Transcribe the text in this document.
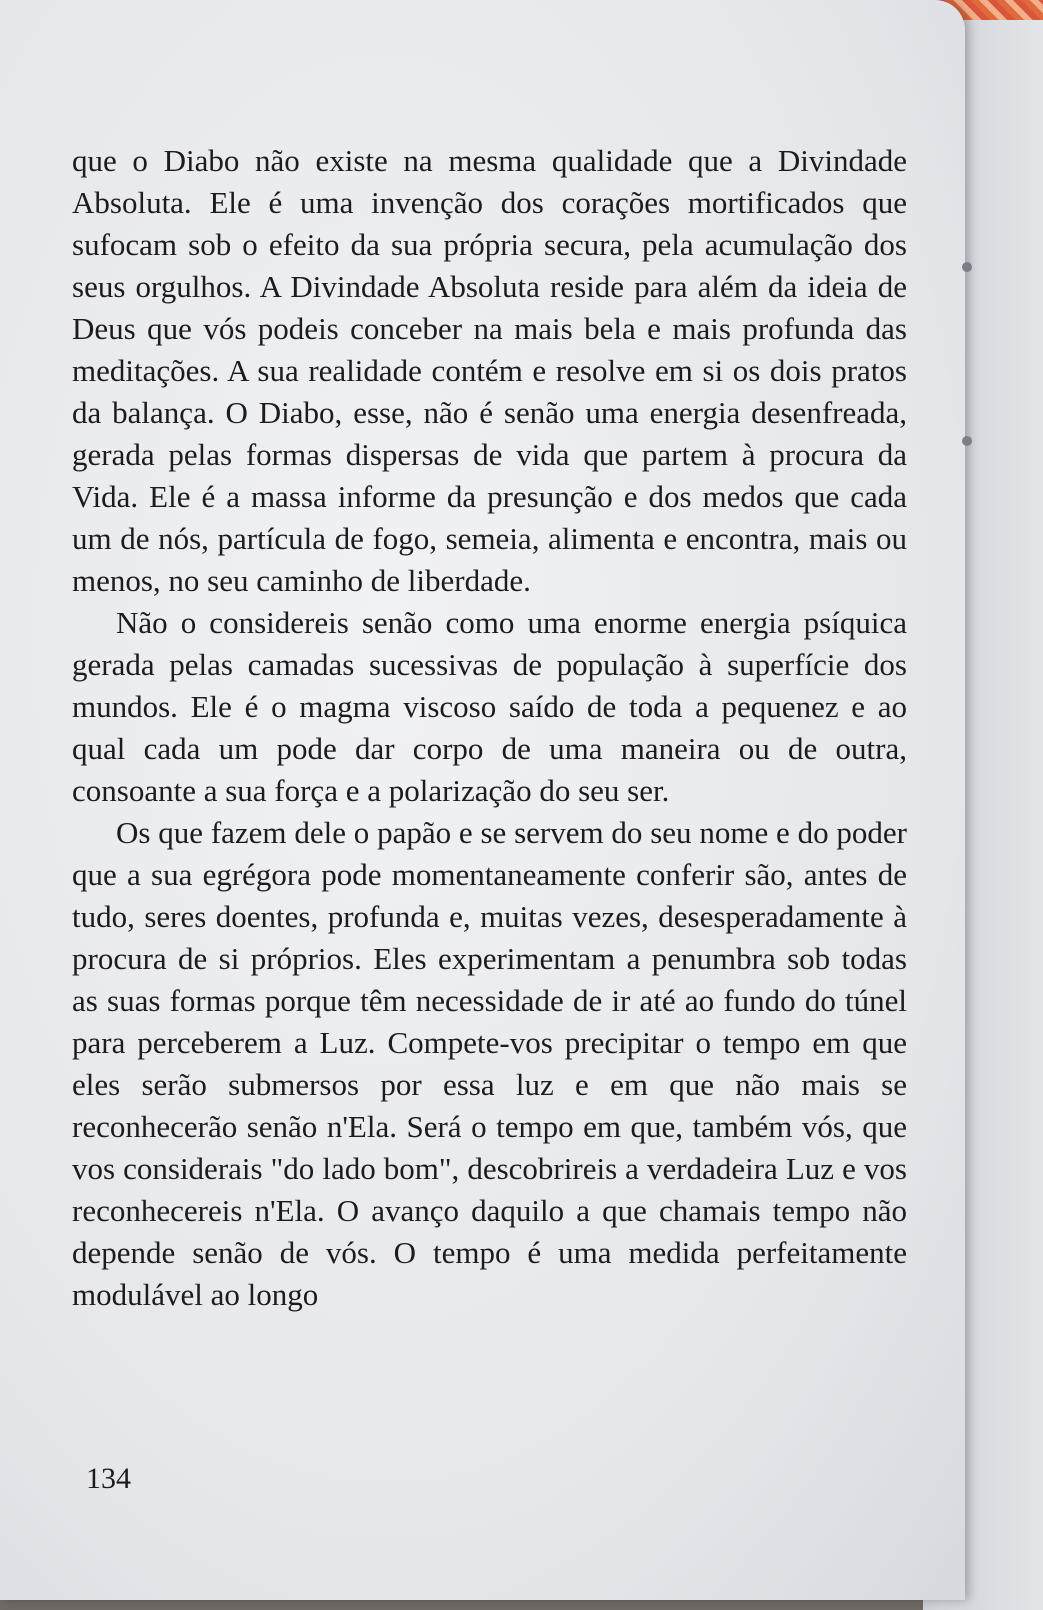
que o Diabo não existe na mesma qualidade que a Divindade Absoluta. Ele é uma invenção dos corações mortificados que sufocam sob o efeito da sua própria secura, pela acumulação dos seus orgulhos. A Divindade Absoluta reside para além da ideia de Deus que vós podeis conceber na mais bela e mais profunda das meditações. A sua realidade contém e resolve em si os dois pratos da balança. O Diabo, esse, não é senão uma energia desenfreada, gerada pelas formas dispersas de vida que partem à procura da Vida. Ele é a massa informe da presunção e dos medos que cada um de nós, partícula de fogo, semeia, alimenta e encontra, mais ou menos, no seu caminho de liberdade.

Não o considereis senão como uma enorme energia psíquica gerada pelas camadas sucessivas de população à superfície dos mundos. Ele é o magma viscoso saído de toda a pequenez e ao qual cada um pode dar corpo de uma maneira ou de outra, consoante a sua força e a polarização do seu ser.

Os que fazem dele o papão e se servem do seu nome e do poder que a sua egrégora pode momentaneamente conferir são, antes de tudo, seres doentes, profunda e, muitas vezes, desesperadamente à procura de si próprios. Eles experimentam a penumbra sob todas as suas formas porque têm necessidade de ir até ao fundo do túnel para perceberem a Luz. Compete-vos precipitar o tempo em que eles serão submersos por essa luz e em que não mais se reconhecerão senão n'Ela. Será o tempo em que, também vós, que vos considerais "do lado bom", descobrireis a verdadeira Luz e vos reconhecereis n'Ela. O avanço daquilo a que chamais tempo não depende senão de vós. O tempo é uma medida perfeitamente modulável ao longo

134
